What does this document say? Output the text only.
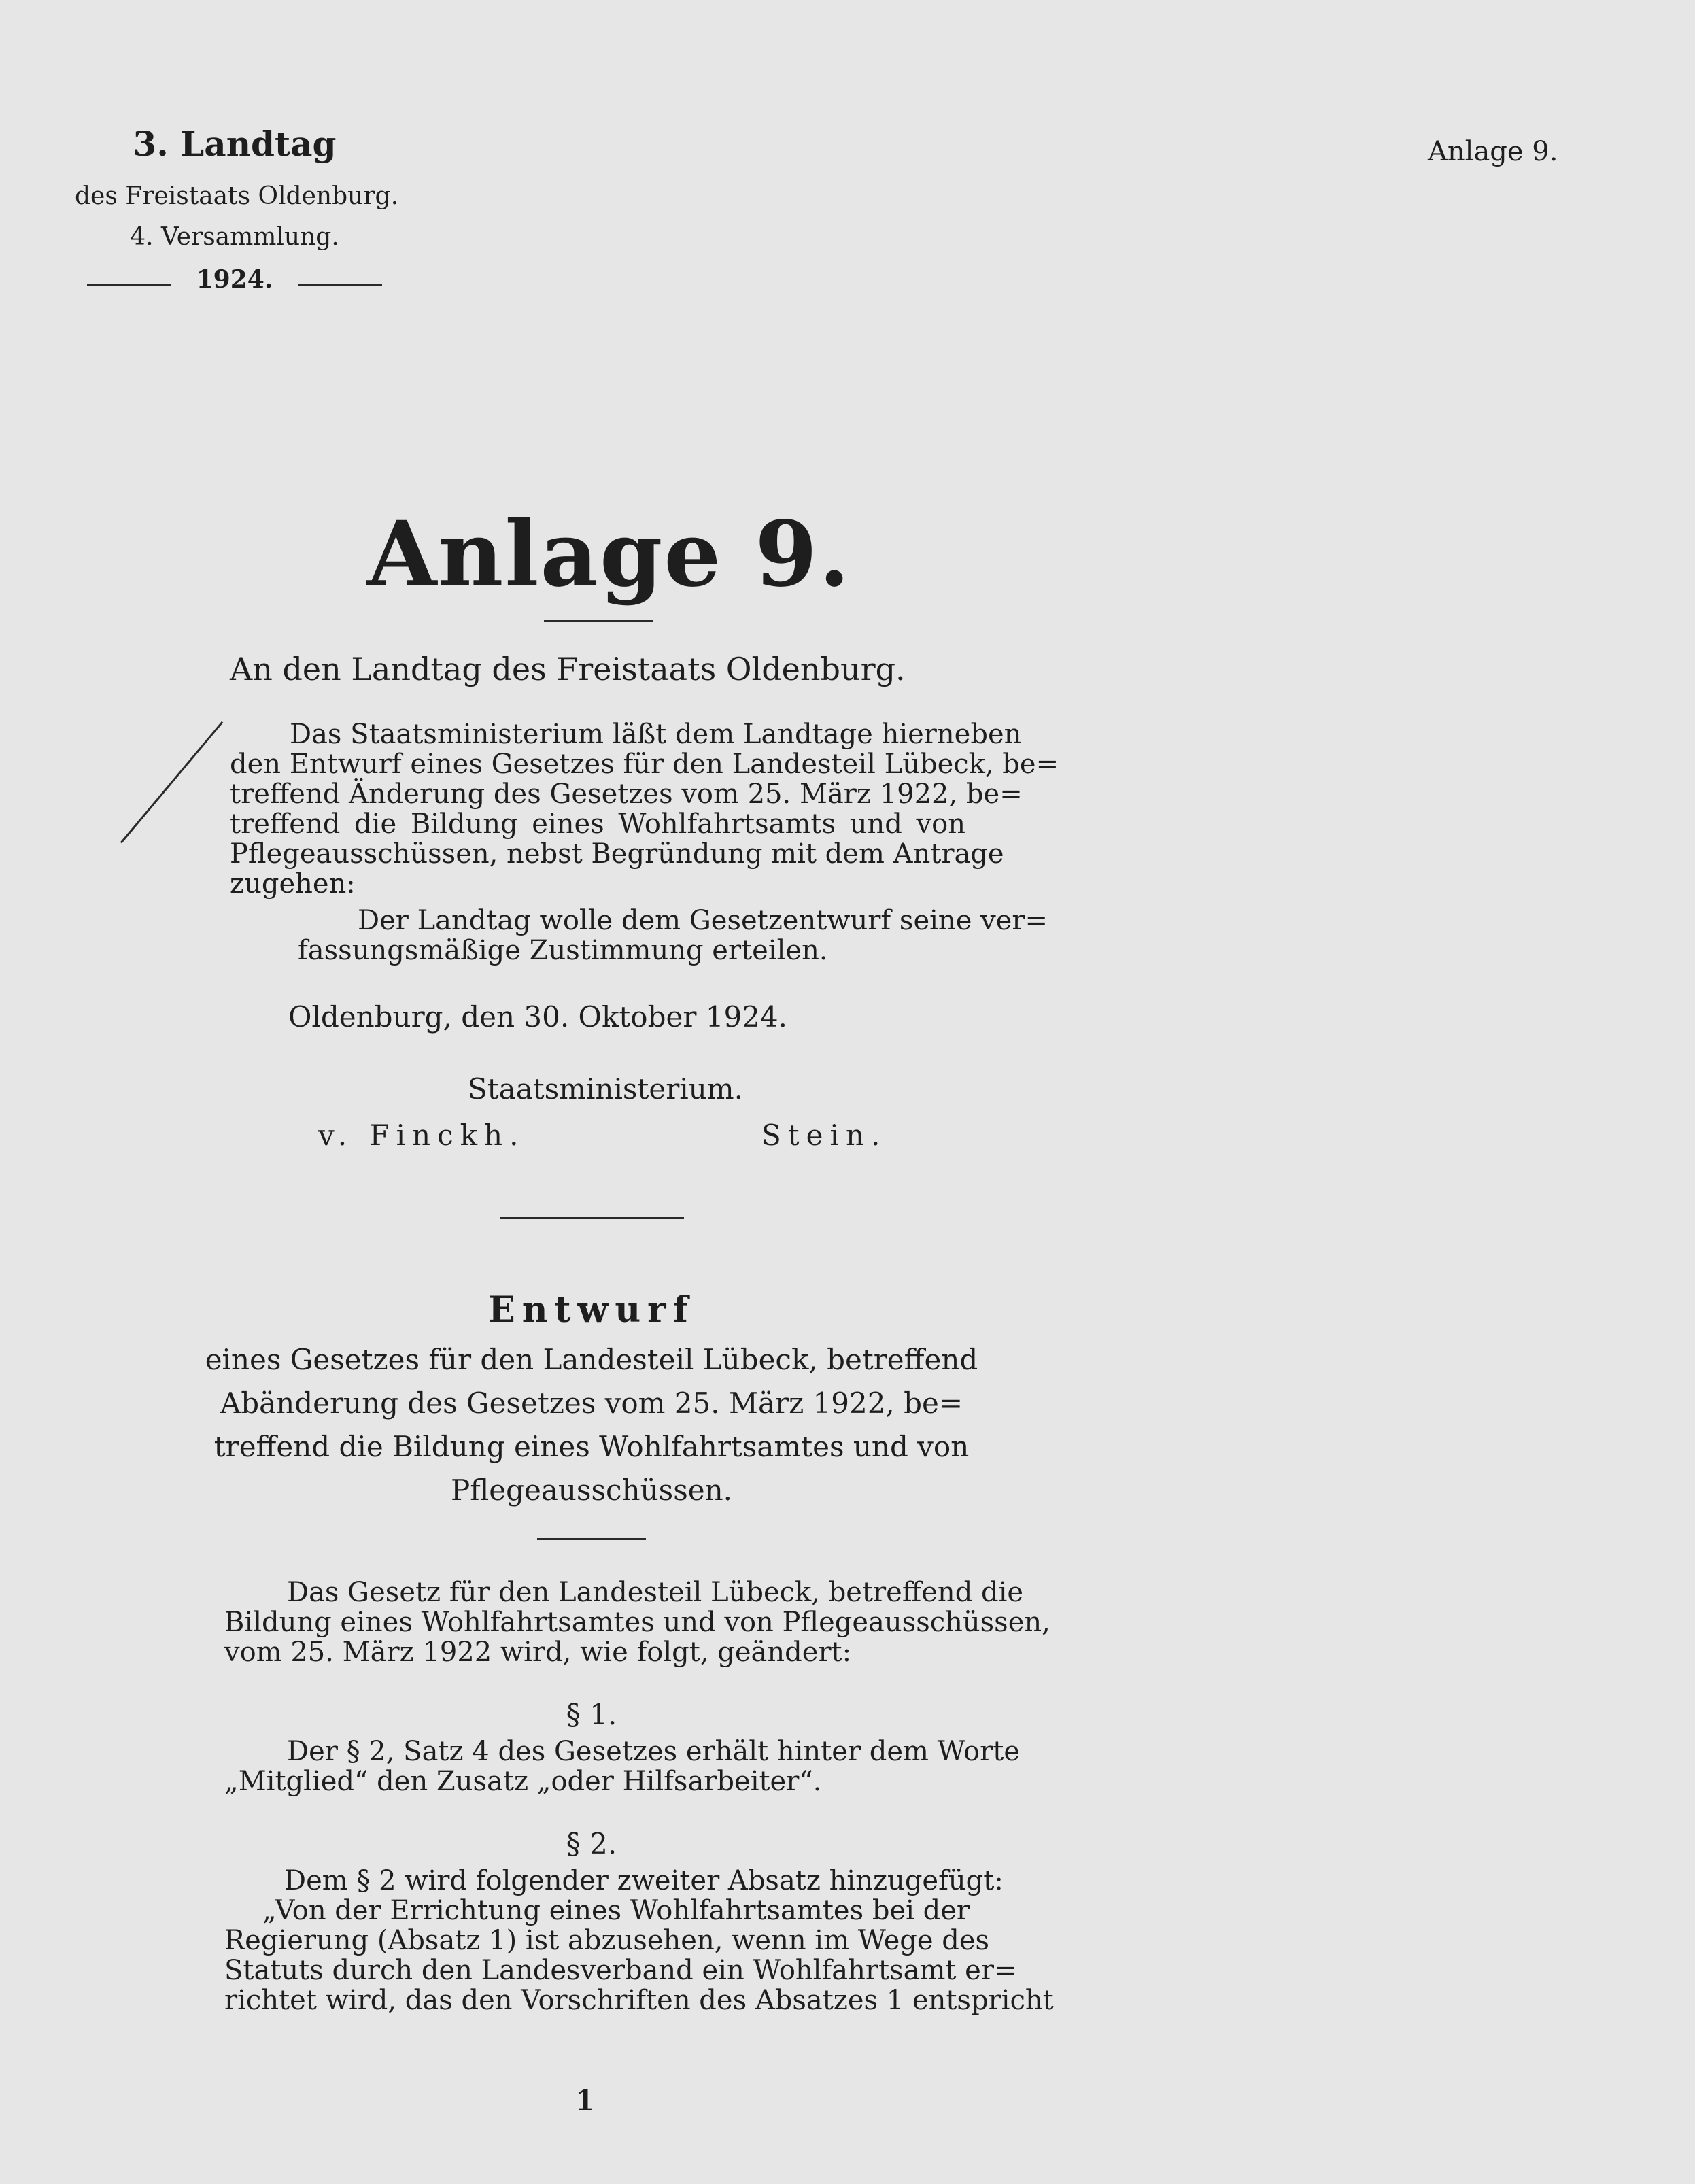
3. Landtag
des Freistaats Oldenburg.
4. Versammlung.
1924.
Anlage 9.
Anlage 9.
An den Landtag des Freistaats Oldenburg.
Das Staatsministerium läßt dem Landtage hierneben
den Entwurf eines Gesetzes für den Landesteil Lübeck, be=
treffend Änderung des Gesetzes vom 25. März 1922, be=
treffend die Bildung eines Wohlfahrtsamts und von
Pflegeausschüssen, nebst Begründung mit dem Antrage
zugehen:
Der Landtag wolle dem Gesetzentwurf seine ver=
fassungsmäßige Zustimmung erteilen.
Oldenburg, den 30. Oktober 1924.
Staatsministerium.
v. Finckh.	Stein.
Entwurf
eines Gesetzes für den Landesteil Lübeck, betreffend
Abänderung des Gesetzes vom 25. März 1922, be=
treffend die Bildung eines Wohlfahrtsamtes und von
Pflegeausschüssen.
Das Gesetz für den Landesteil Lübeck, betreffend die
Bildung eines Wohlfahrtsamtes und von Pflegeausschüssen,
vom 25. März 1922 wird, wie folgt, geändert:
§ 1.
Der § 2, Satz 4 des Gesetzes erhält hinter dem Worte
„Mitglied“ den Zusatz „oder Hilfsarbeiter“.
§ 2.
Dem § 2 wird folgender zweiter Absatz hinzugefügt:
„Von der Errichtung eines Wohlfahrtsamtes bei der
Regierung (Absatz 1) ist abzusehen, wenn im Wege des
Statuts durch den Landesverband ein Wohlfahrtsamt er=
richtet wird, das den Vorschriften des Absatzes 1 entspricht
1
